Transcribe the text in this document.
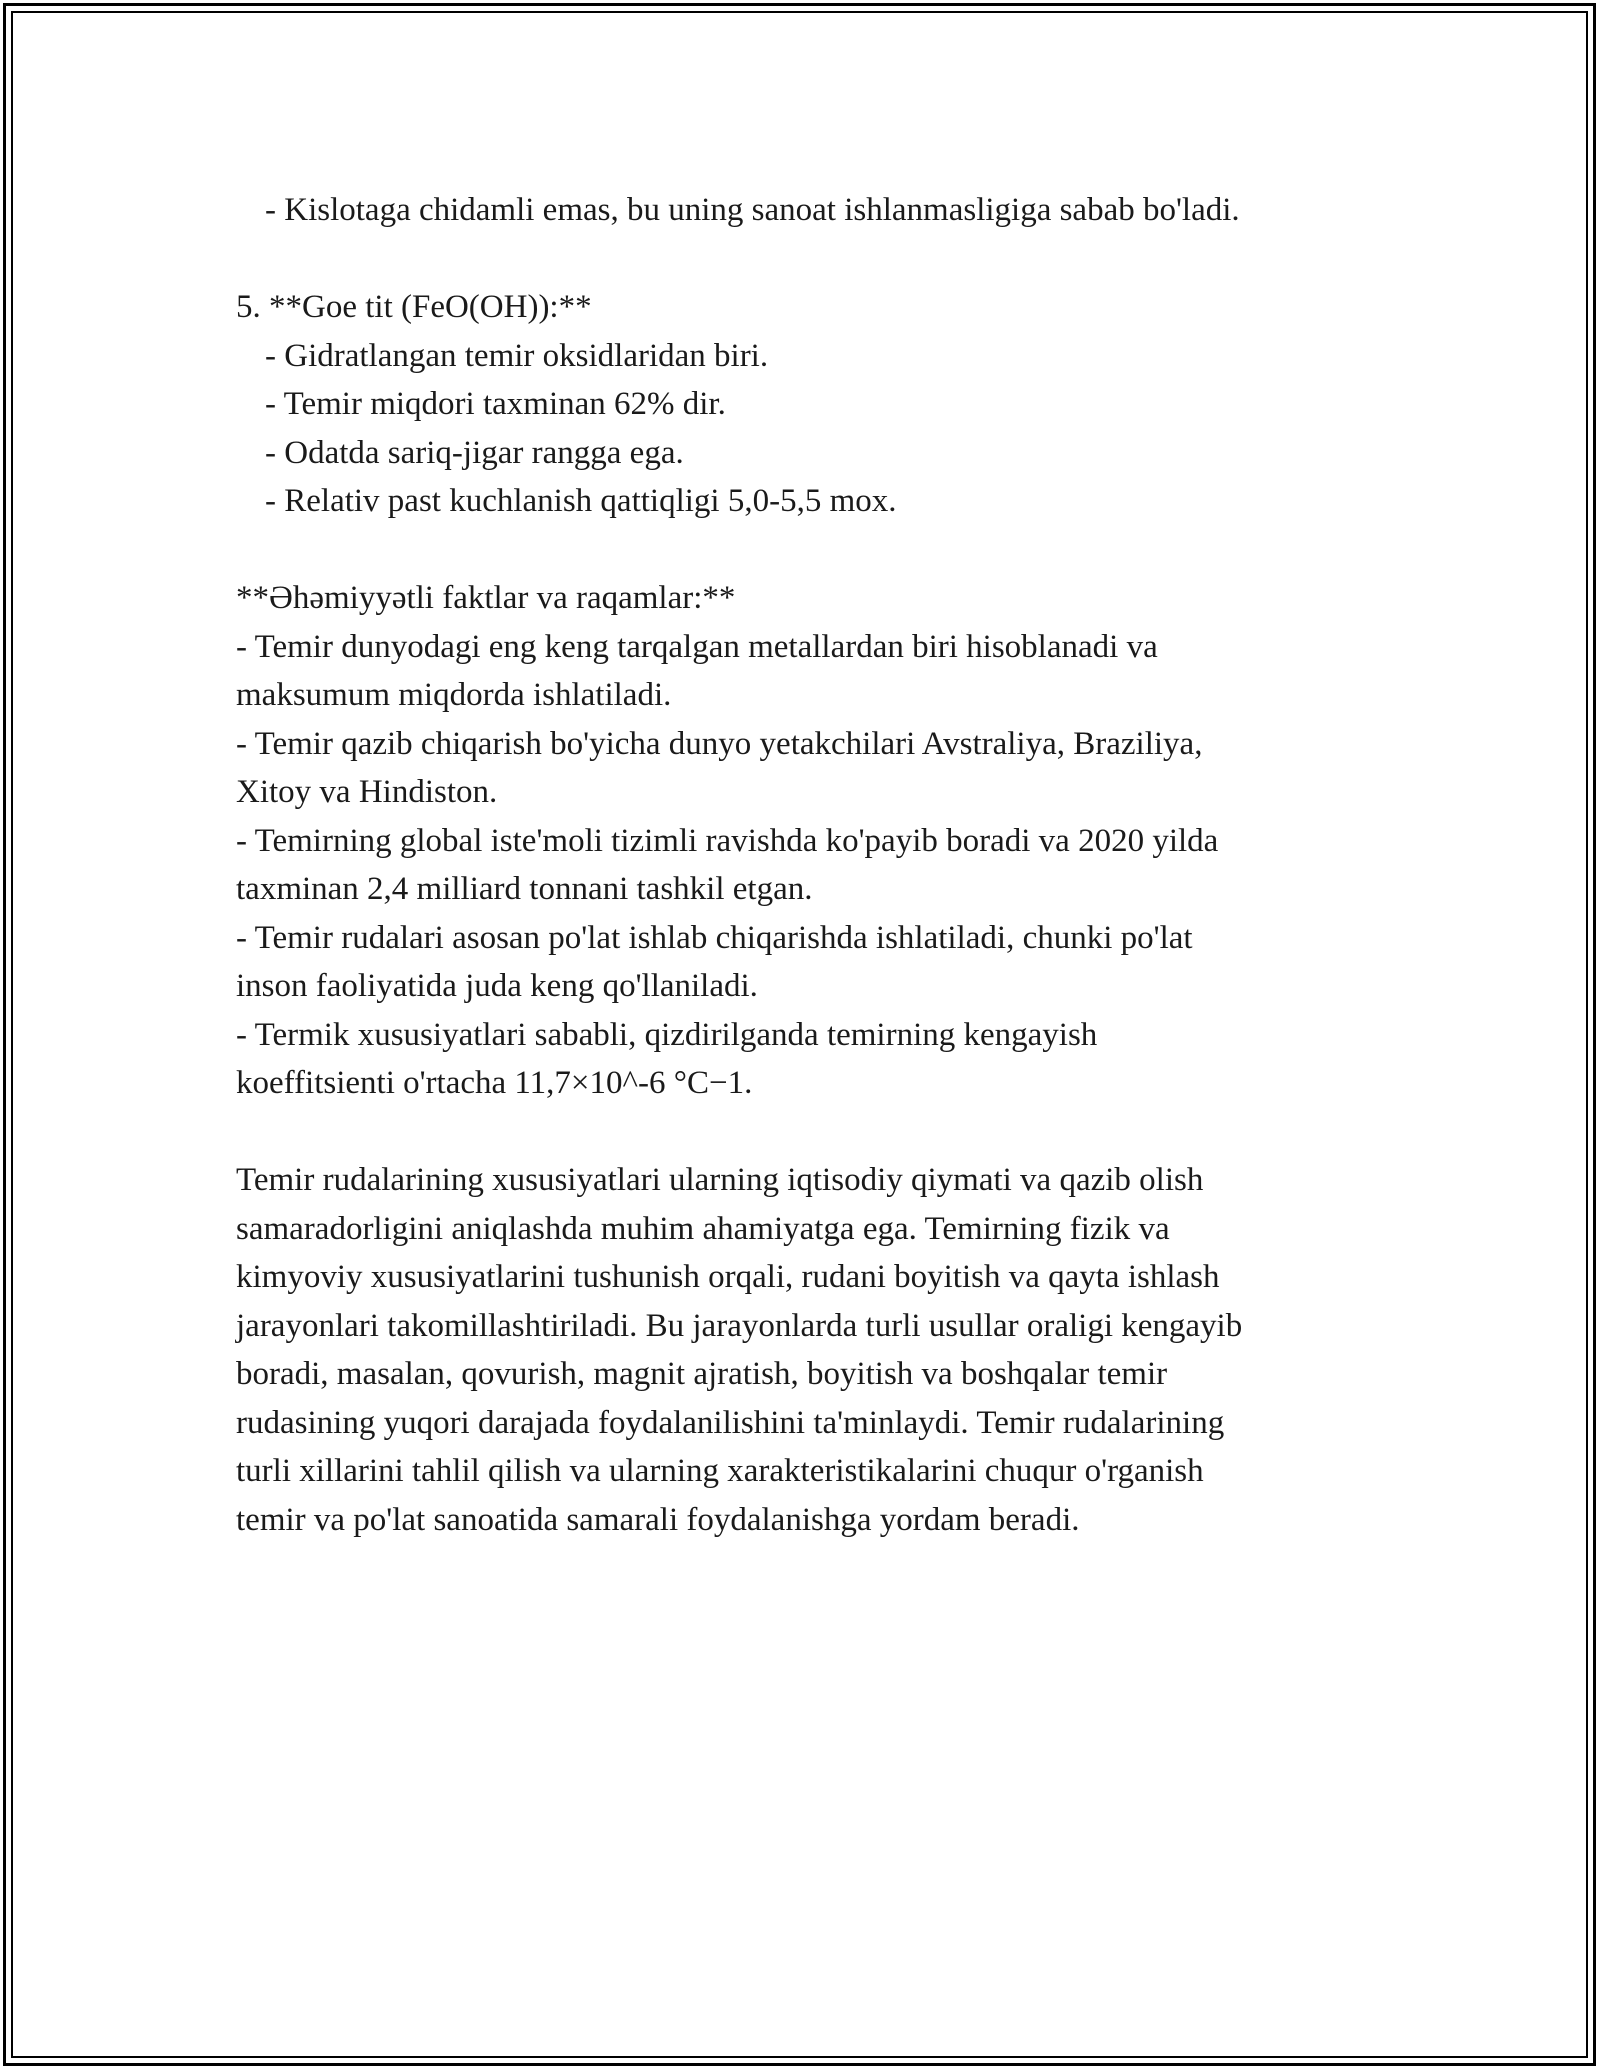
- Kislotaga chidamli emas, bu uning sanoat ishlanmasligiga sabab bo'ladi.

5. **Goe tit (FeO(OH)):**

- Gidratlangan temir oksidlaridan biri.

- Temir miqdori taxminan 62% dir.

- Odatda sariq-jigar rangga ega.

- Relativ past kuchlanish qattiqligi 5,0-5,5 mox.

**Əhəmiyyətli faktlar va raqamlar:**

- Temir dunyodagi eng keng tarqalgan metallardan biri hisoblanadi va

maksumum miqdorda ishlatiladi.

- Temir qazib chiqarish bo'yicha dunyo yetakchilari Avstraliya, Braziliya,

Xitoy va Hindiston.

- Temirning global iste'moli tizimli ravishda ko'payib boradi va 2020 yilda

taxminan 2,4 milliard tonnani tashkil etgan.

- Temir rudalari asosan po'lat ishlab chiqarishda ishlatiladi, chunki po'lat

inson faoliyatida juda keng qo'llaniladi.

- Termik xususiyatlari sababli, qizdirilganda temirning kengayish

koeffitsienti o'rtacha 11,7×10^-6 °C−1.

Temir rudalarining xususiyatlari ularning iqtisodiy qiymati va qazib olish

samaradorligini aniqlashda muhim ahamiyatga ega. Temirning fizik va

kimyoviy xususiyatlarini tushunish orqali, rudani boyitish va qayta ishlash

jarayonlari takomillashtiriladi. Bu jarayonlarda turli usullar oraligi kengayib

boradi, masalan, qovurish, magnit ajratish, boyitish va boshqalar temir

rudasining yuqori darajada foydalanilishini ta'minlaydi. Temir rudalarining

turli xillarini tahlil qilish va ularning xarakteristikalarini chuqur o'rganish

temir va po'lat sanoatida samarali foydalanishga yordam beradi.
